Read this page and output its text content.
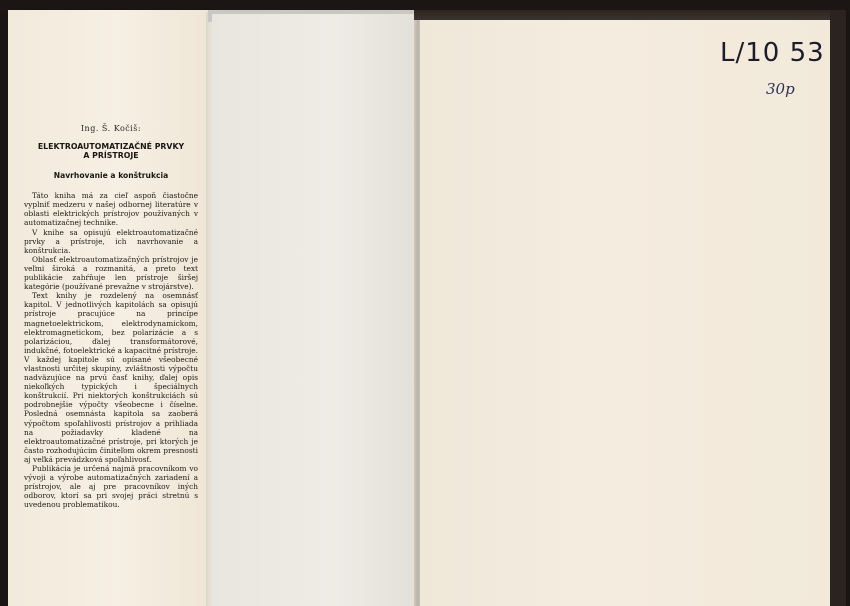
Ing. Š. Kočiš:

ELEKTROAUTOMATIZAČNÉ PRVKY
A PRÍSTROJE

Navrhovanie a konštrukcia

Táto kniha má za cieľ aspoň čiastočne vyplniť medzeru v našej odbornej literatúre v oblasti elektrických prístrojov používaných v automatizačnej technike.

V knihe sa opisujú elektroautomatizačné prvky a prístroje, ich navrhovanie a konštrukcia.

Oblasť elektroautomatizačných prístrojov je veľmi široká a rozmanitá, a preto text publikácie zahŕňuje len prístroje širšej kategórie (používané prevažne v strojárstve).

Text knihy je rozdelený na osemnásť kapitol. V jednotlivých kapitolách sa opisujú prístroje pracujúce na princípe magnetoelektrickom, elektrodynamickom, elektromagnetickom, bez polarizácie a s polarizáciou, ďalej transformátorové, indukčné, fotoelektrické a kapacitné prístroje. V každej kapitole sú opísané všeobecné vlastnosti určitej skupiny, zvláštnosti výpočtu nadväzujúce na prvú časť knihy, ďalej opis niekoľkých typických i špeciálnych konštrukcií. Pri niektorých konštrukciách sú podrobnejšie výpočty všeobecne i číselne. Posledná osemnásta kapitola sa zaoberá výpočtom spoľahlivosti prístrojov a prihliada na požiadavky kladené na elektroautomatizačné prístroje, pri ktorých je často rozhodujúcim činiteľom okrem presnosti aj veľká prevádzková spoľahlivosť.

Publikácia je určená najmä pracovníkom vo vývoji a výrobe automatizačných zariadení a prístrojov, ale aj pre pracovníkov iných odborov, ktorí sa pri svojej práci stretnú s uvedenou problematikou.

L/10 53
30p
